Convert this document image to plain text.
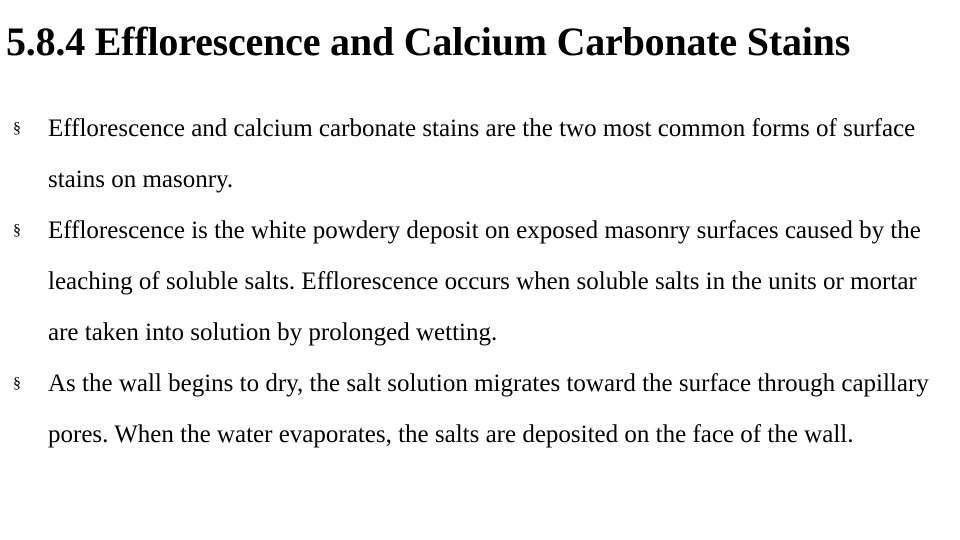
5.8.4 Efflorescence and Calcium Carbonate Stains
§	Efflorescence and calcium carbonate stains are the two most common forms of surface stains on masonry.
§	Efflorescence is the white powdery deposit on exposed masonry surfaces caused by the leaching of soluble salts. Efflorescence occurs when soluble salts in the units or mortar are taken into solution by prolonged wetting.
§	As the wall begins to dry, the salt solution migrates toward the surface through capillary pores. When the water evaporates, the salts are deposited on the face of the wall.
